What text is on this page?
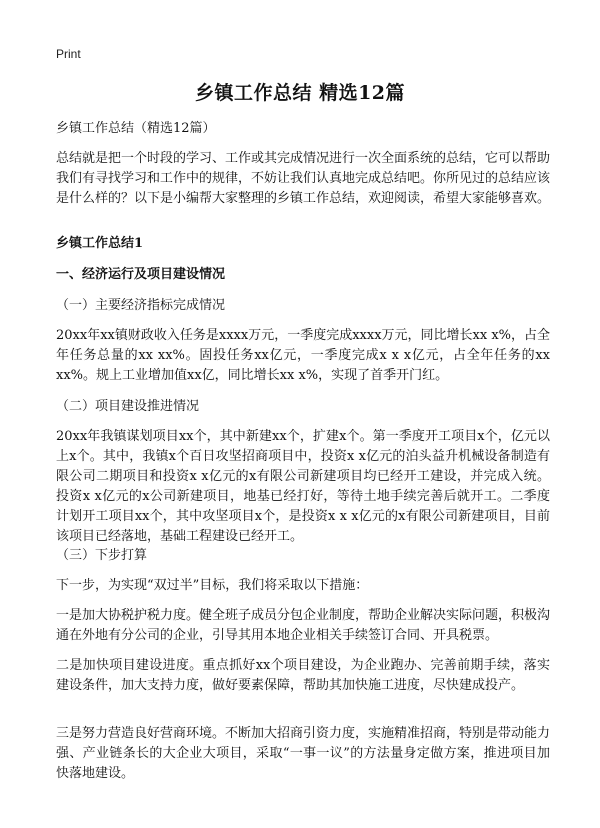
Print
乡镇工作总结 精选12篇
乡镇工作总结（精选12篇）
总结就是把一个时段的学习、工作或其完成情况进行一次全面系统的总结，它可以帮助我们有寻找学习和工作中的规律，不妨让我们认真地完成总结吧。你所见过的总结应该是什么样的？以下是小编帮大家整理的乡镇工作总结，欢迎阅读，希望大家能够喜欢。
乡镇工作总结1
一、经济运行及项目建设情况
（一）主要经济指标完成情况
20xx年xx镇财政收入任务是xxxx万元，一季度完成xxxx万元，同比增长xx x%，占全年任务总量的xx xx%。固投任务xx亿元，一季度完成x x x亿元，占全年任务的xx xx%。规上工业增加值xx亿，同比增长xx x%，实现了首季开门红。
（二）项目建设推进情况
20xx年我镇谋划项目xx个，其中新建xx个，扩建x个。第一季度开工项目x个，亿元以上x个。其中，我镇x个百日攻坚招商项目中，投资x x亿元的泊头益升机械设备制造有限公司二期项目和投资x x亿元的x有限公司新建项目均已经开工建设，并完成入统。投资x x亿元的x公司新建项目，地基已经打好，等待土地手续完善后就开工。二季度计划开工项目xx个，其中攻坚项目x个，是投资x x x亿元的x有限公司新建项目，目前该项目已经落地，基础工程建设已经开工。
（三）下步打算
下一步，为实现“双过半”目标，我们将采取以下措施：
一是加大协税护税力度。健全班子成员分包企业制度，帮助企业解决实际问题，积极沟通在外地有分公司的企业，引导其用本地企业相关手续签订合同、开具税票。
二是加快项目建设进度。重点抓好xx个项目建设，为企业跑办、完善前期手续，落实建设条件，加大支持力度，做好要素保障，帮助其加快施工进度，尽快建成投产。
三是努力营造良好营商环境。不断加大招商引资力度，实施精准招商，特别是带动能力强、产业链条长的大企业大项目，采取“一事一议”的方法量身定做方案，推进项目加快落地建设。
